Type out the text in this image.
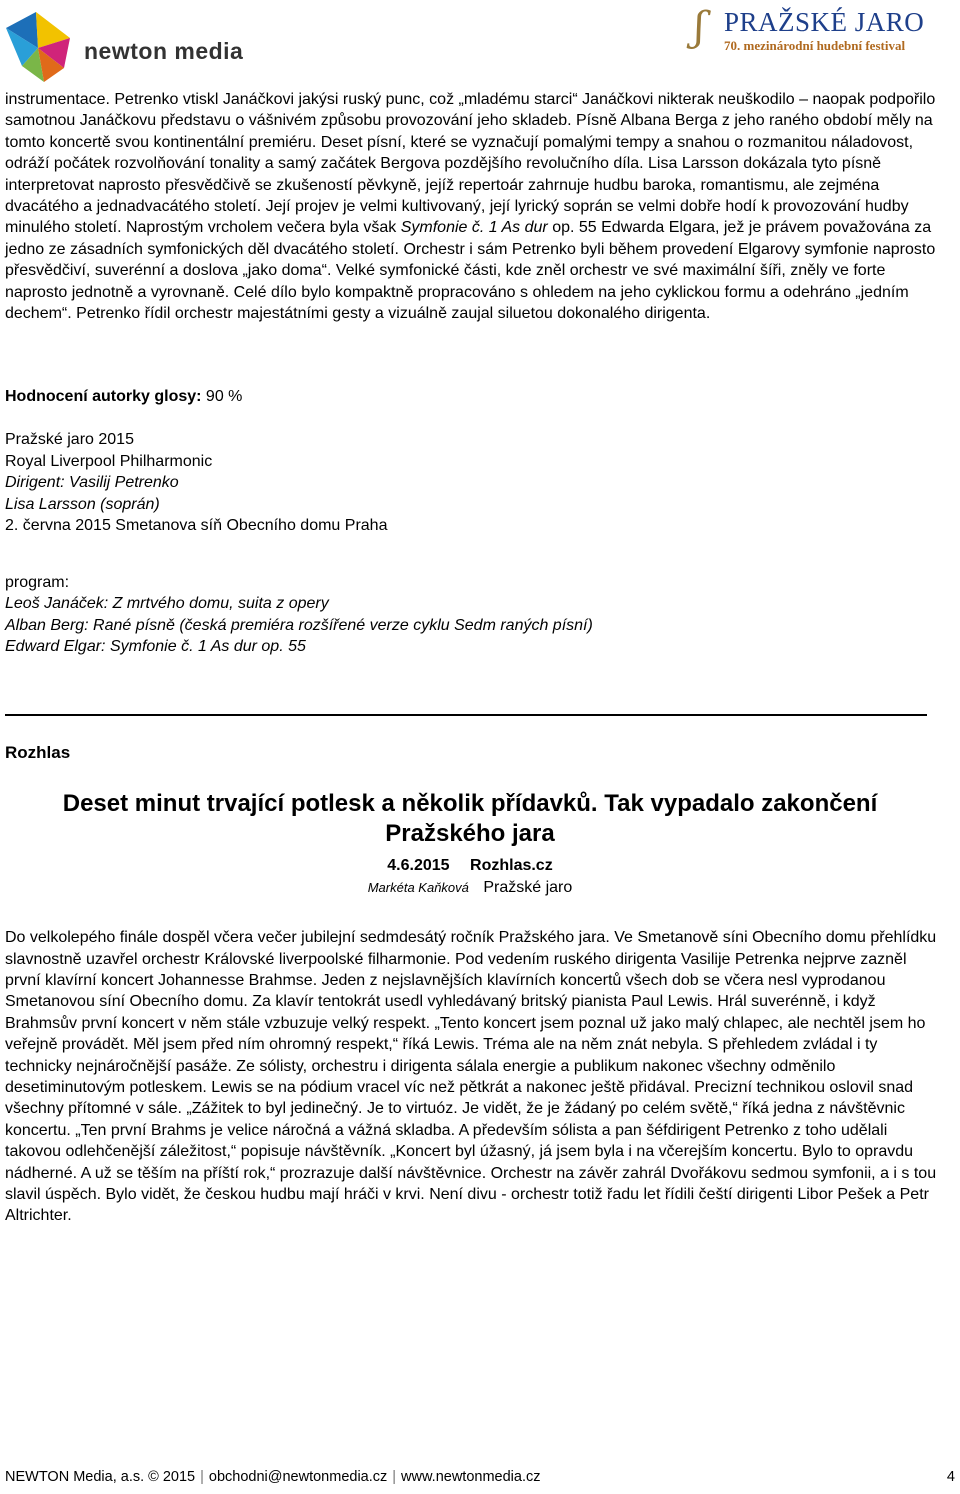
newton media
ʃ PRAŽSKÉ JARO
70. mezinárodní hudební festival

instrumentace. Petrenko vtiskl Janáčkovi jakýsi ruský punc, což „mladému starci“ Janáčkovi nikterak neuškodilo – naopak podpořilo samotnou Janáčkovu představu o vášnivém způsobu provozování jeho skladeb. Písně Albana Berga z jeho raného období měly na tomto koncertě svou kontinentální premiéru. Deset písní, které se vyznačují pomalými tempy a snahou o rozmanitou náladovost, odráží počátek rozvolňování tonality a samý začátek Bergova pozdějšího revolučního díla. Lisa Larsson dokázala tyto písně interpretovat naprosto přesvědčivě se zkušeností pěvkyně, jejíž repertoár zahrnuje hudbu baroka, romantismu, ale zejména dvacátého a jednadvacátého století. Její projev je velmi kultivovaný, její lyrický soprán se velmi dobře hodí k provozování hudby minulého století. Naprostým vrcholem večera byla však Symfonie č. 1 As dur op. 55 Edwarda Elgara, jež je právem považována za jedno ze zásadních symfonických děl dvacátého století. Orchestr i sám Petrenko byli během provedení Elgarovy symfonie naprosto přesvědčiví, suverénní a doslova „jako doma“. Velké symfonické části, kde zněl orchestr ve své maximální šíři, zněly ve forte naprosto jednotně a vyrovnaně. Celé dílo bylo kompaktně propracováno s ohledem na jeho cyklickou formu a odehráno „jedním dechem“. Petrenko řídil orchestr majestátními gesty a vizuálně zaujal siluetou dokonalého dirigenta.

Hodnocení autorky glosy: 90 %

Pražské jaro 2015

Royal Liverpool Philharmonic

Dirigent: Vasilij Petrenko

Lisa Larsson (soprán)

2. června 2015 Smetanova síň Obecního domu Praha

program:

Leoš Janáček: Z mrtvého domu, suita z opery

Alban Berg: Rané písně (česká premiéra rozšířené verze cyklu Sedm raných písní)

Edward Elgar: Symfonie č. 1 As dur op. 55

Rozhlas

Deset minut trvající potlesk a několik přídavků. Tak vypadalo zakončení Pražského jara

4.6.2015 Rozhlas.cz
Markéta Kaňková Pražské jaro

Do velkolepého finále dospěl včera večer jubilejní sedmdesátý ročník Pražského jara. Ve Smetanově síni Obecního domu přehlídku slavnostně uzavřel orchestr Královské liverpoolské filharmonie. Pod vedením ruského dirigenta Vasilije Petrenka nejprve zazněl první klavírní koncert Johannesse Brahmse. Jeden z nejslavnějších klavírních koncertů všech dob se včera nesl vyprodanou Smetanovou síní Obecního domu. Za klavír tentokrát usedl vyhledávaný britský pianista Paul Lewis. Hrál suverénně, i když Brahmsův první koncert v něm stále vzbuzuje velký respekt. „Tento koncert jsem poznal už jako malý chlapec, ale nechtěl jsem ho veřejně provádět. Měl jsem před ním ohromný respekt,“ říká Lewis. Tréma ale na něm znát nebyla. S přehledem zvládal i ty technicky nejnáročnější pasáže. Ze sólisty, orchestru i dirigenta sálala energie a publikum nakonec všechny odměnilo desetiminutovým potleskem. Lewis se na pódium vracel víc než pětkrát a nakonec ještě přidával. Precizní technikou oslovil snad všechny přítomné v sále. „Zážitek to byl jedinečný. Je to virtuóz. Je vidět, že je žádaný po celém světě,“ říká jedna z návštěvnic koncertu. „Ten první Brahms je velice náročná a vážná skladba. A především sólista a pan šéfdirigent Petrenko z toho udělali takovou odlehčenější záležitost,“ popisuje návštěvník. „Koncert byl úžasný, já jsem byla i na včerejším koncertu. Bylo to opravdu nádherné. A už se těším na příští rok,“ prozrazuje další návštěvnice. Orchestr na závěr zahrál Dvořákovu sedmou symfonii, a i s tou slavil úspěch. Bylo vidět, že českou hudbu mají hráči v krvi. Není divu - orchestr totiž řadu let řídili čeští dirigenti Libor Pešek a Petr Altrichter.

NEWTON Media, a.s. © 2015 | obchodni@newtonmedia.cz | www.newtonmedia.cz	4
